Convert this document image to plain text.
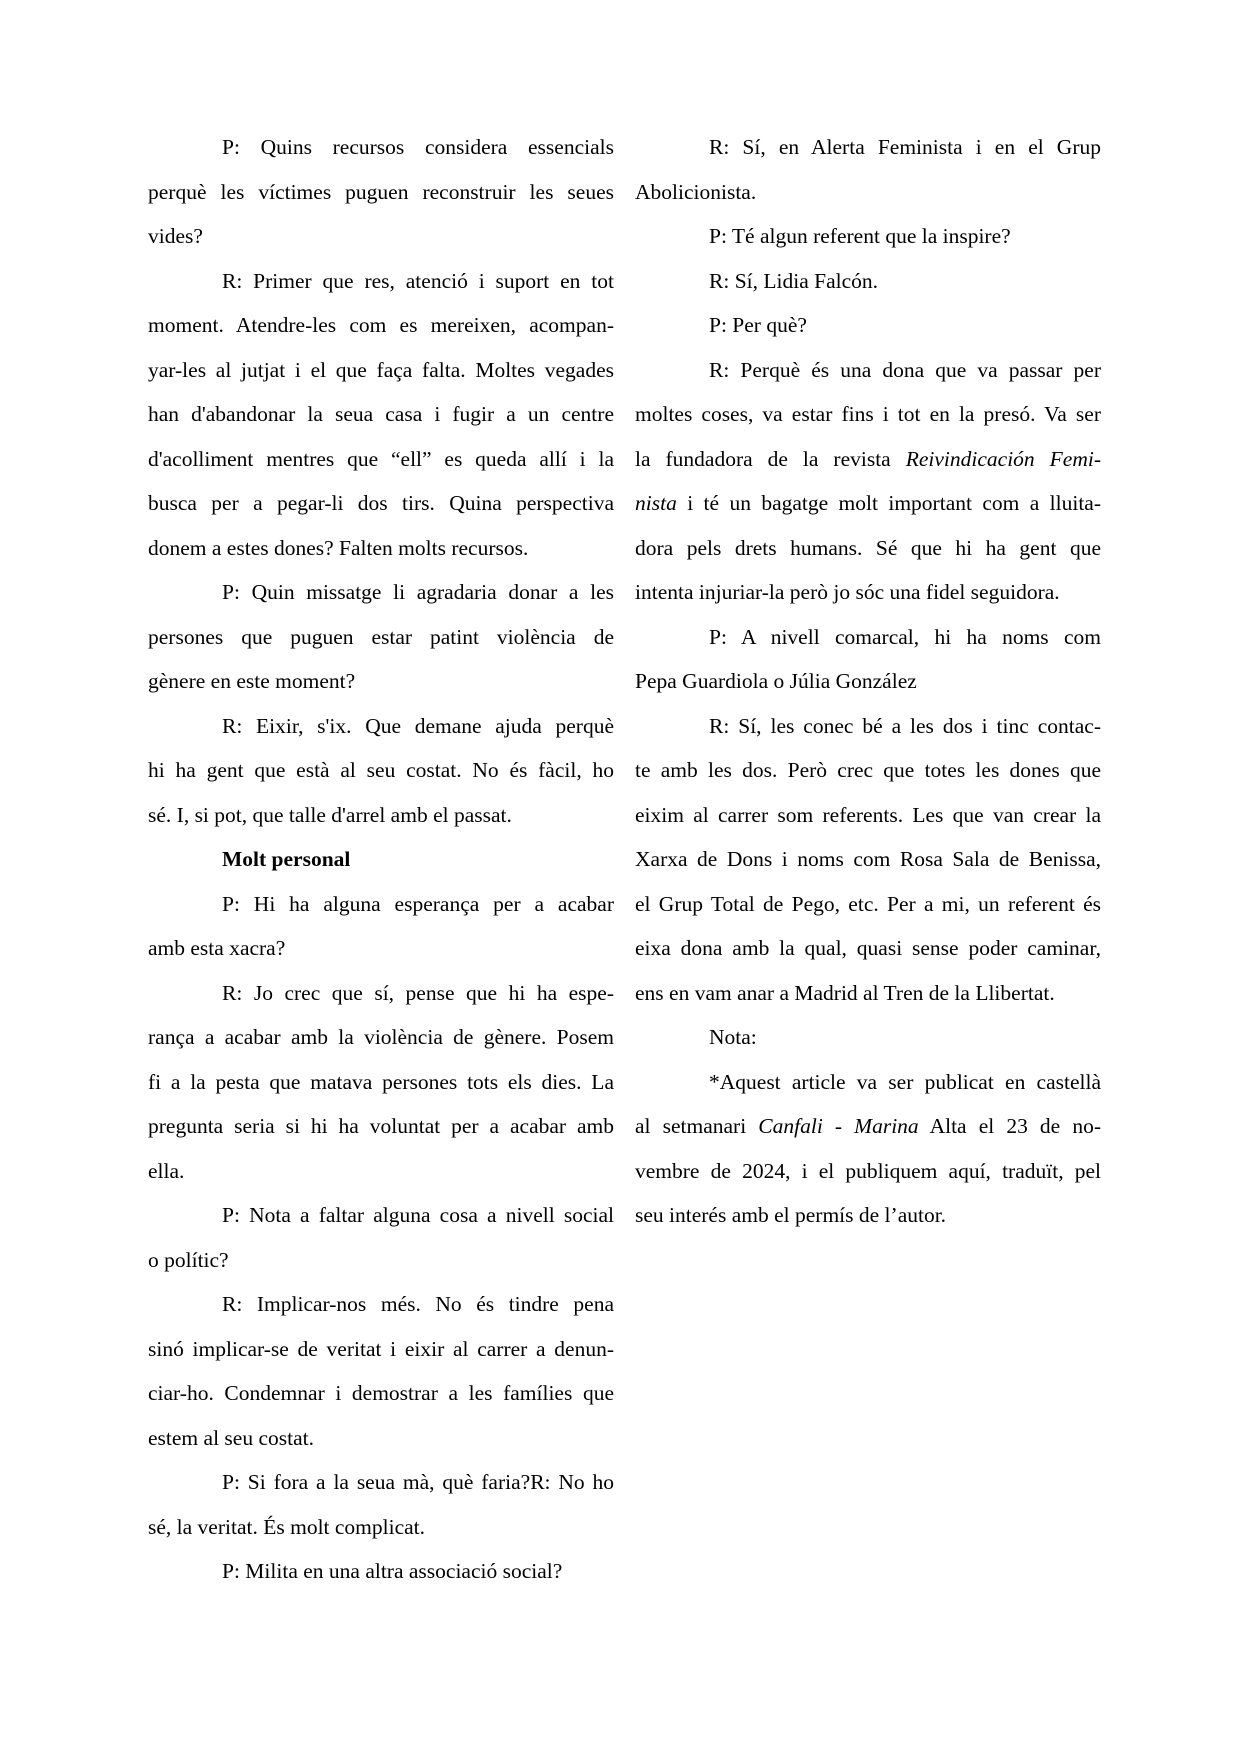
P: Quins recursos considera essencials
perquè les víctimes puguen reconstruir les seues
vides?
R: Primer que res, atenció i suport en tot
moment. Atendre-les com es mereixen, acompan-
yar-les al jutjat i el que faça falta. Moltes vegades
han d'abandonar la seua casa i fugir a un centre
d'acolliment mentres que “ell” es queda allí i la
busca per a pegar-li dos tirs. Quina perspectiva
donem a estes dones? Falten molts recursos.
P: Quin missatge li agradaria donar a les
persones que puguen estar patint violència de
gènere en este moment?
R: Eixir, s'ix. Que demane ajuda perquè
hi ha gent que està al seu costat. No és fàcil, ho
sé. I, si pot, que talle d'arrel amb el passat.
Molt personal
P: Hi ha alguna esperança per a acabar
amb esta xacra?
R: Jo crec que sí, pense que hi ha espe-
rança a acabar amb la violència de gènere. Posem
fi a la pesta que matava persones tots els dies. La
pregunta seria si hi ha voluntat per a acabar amb
ella.
P: Nota a faltar alguna cosa a nivell social
o polític?
R: Implicar-nos més. No és tindre pena
sinó implicar-se de veritat i eixir al carrer a denun-
ciar-ho. Condemnar i demostrar a les famílies que
estem al seu costat.
P: Si fora a la seua mà, què faria?R: No ho
sé, la veritat. És molt complicat.
P: Milita en una altra associació social?
R: Sí, en Alerta Feminista i en el Grup
Abolicionista.
P: Té algun referent que la inspire?
R: Sí, Lidia Falcón.
P: Per què?
R: Perquè és una dona que va passar per
moltes coses, va estar fins i tot en la presó. Va ser
la fundadora de la revista Reivindicación Femi-
nista i té un bagatge molt important com a lluita-
dora pels drets humans. Sé que hi ha gent que
intenta injuriar-la però jo sóc una fidel seguidora.
P: A nivell comarcal, hi ha noms com
Pepa Guardiola o Júlia González
R: Sí, les conec bé a les dos i tinc contac-
te amb les dos. Però crec que totes les dones que
eixim al carrer som referents. Les que van crear la
Xarxa de Dons i noms com Rosa Sala de Benissa,
el Grup Total de Pego, etc. Per a mi, un referent és
eixa dona amb la qual, quasi sense poder caminar,
ens en vam anar a Madrid al Tren de la Llibertat.
Nota:
*Aquest article va ser publicat en castellà
al setmanari Canfali - Marina Alta el 23 de no-
vembre de 2024, i el publiquem aquí, traduït, pel
seu interés amb el permís de l’autor.
